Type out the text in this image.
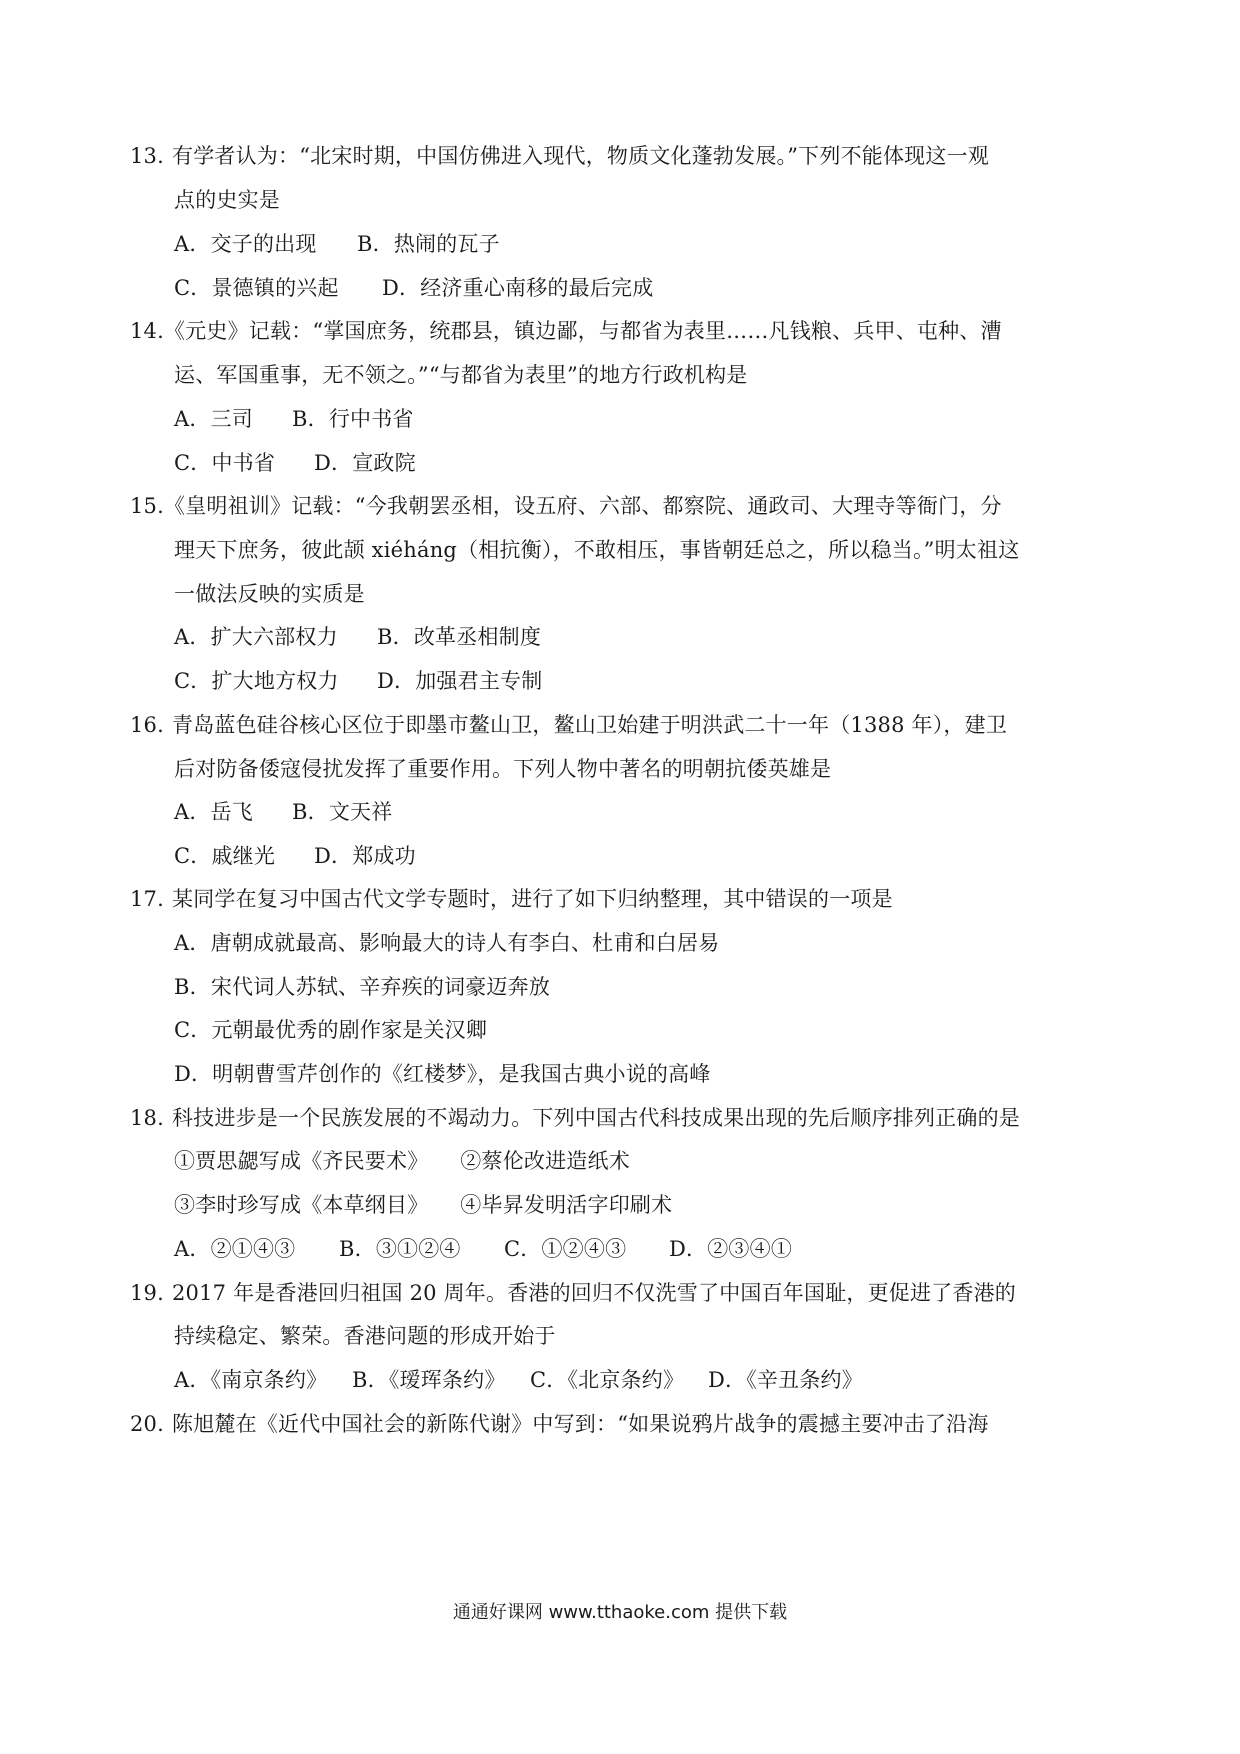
13. 有学者认为：“北宋时期，中国仿佛进入现代，物质文化蓬勃发展。”下列不能体现这一观
点的史实是
A．交子的出现 B．热闹的瓦子
C．景德镇的兴起 D．经济重心南移的最后完成
14.《元史》记载：“掌国庶务，统郡县，镇边鄙，与都省为表里……凡钱粮、兵甲、屯种、漕
运、军国重事，无不领之。”“与都省为表里”的地方行政机构是
A．三司 B．行中书省
C．中书省 D．宣政院
15.《皇明祖训》记载：“今我朝罢丞相，设五府、六部、都察院、通政司、大理寺等衙门，分
理天下庶务，彼此颉 xiéháng（相抗衡），不敢相压，事皆朝廷总之，所以稳当。”明太祖这
一做法反映的实质是
A．扩大六部权力 B．改革丞相制度
C．扩大地方权力 D．加强君主专制
16. 青岛蓝色硅谷核心区位于即墨市鳌山卫，鳌山卫始建于明洪武二十一年（1388 年），建卫
后对防备倭寇侵扰发挥了重要作用。下列人物中著名的明朝抗倭英雄是
A．岳飞 B．文天祥
C．戚继光 D．郑成功
17. 某同学在复习中国古代文学专题时，进行了如下归纳整理，其中错误的一项是
A．唐朝成就最高、影响最大的诗人有李白、杜甫和白居易
B．宋代词人苏轼、辛弃疾的词豪迈奔放
C．元朝最优秀的剧作家是关汉卿
D．明朝曹雪芹创作的《红楼梦》，是我国古典小说的高峰
18. 科技进步是一个民族发展的不竭动力。下列中国古代科技成果出现的先后顺序排列正确的是
①贾思勰写成《齐民要术》　　②蔡伦改进造纸术
③李时珍写成《本草纲目》　　④毕昇发明活字印刷术
A．②①④③ B．③①②④ C．①②④③ D．②③④①
19. 2017 年是香港回归祖国 20 周年。香港的回归不仅洗雪了中国百年国耻，更促进了香港的
持续稳定、繁荣。香港问题的形成开始于
A．《南京条约》 B．《瑷珲条约》 C．《北京条约》 D．《辛丑条约》
20. 陈旭麓在《近代中国社会的新陈代谢》中写到：“如果说鸦片战争的震撼主要冲击了沿海
通通好课网 www.tthaoke.com 提供下载
